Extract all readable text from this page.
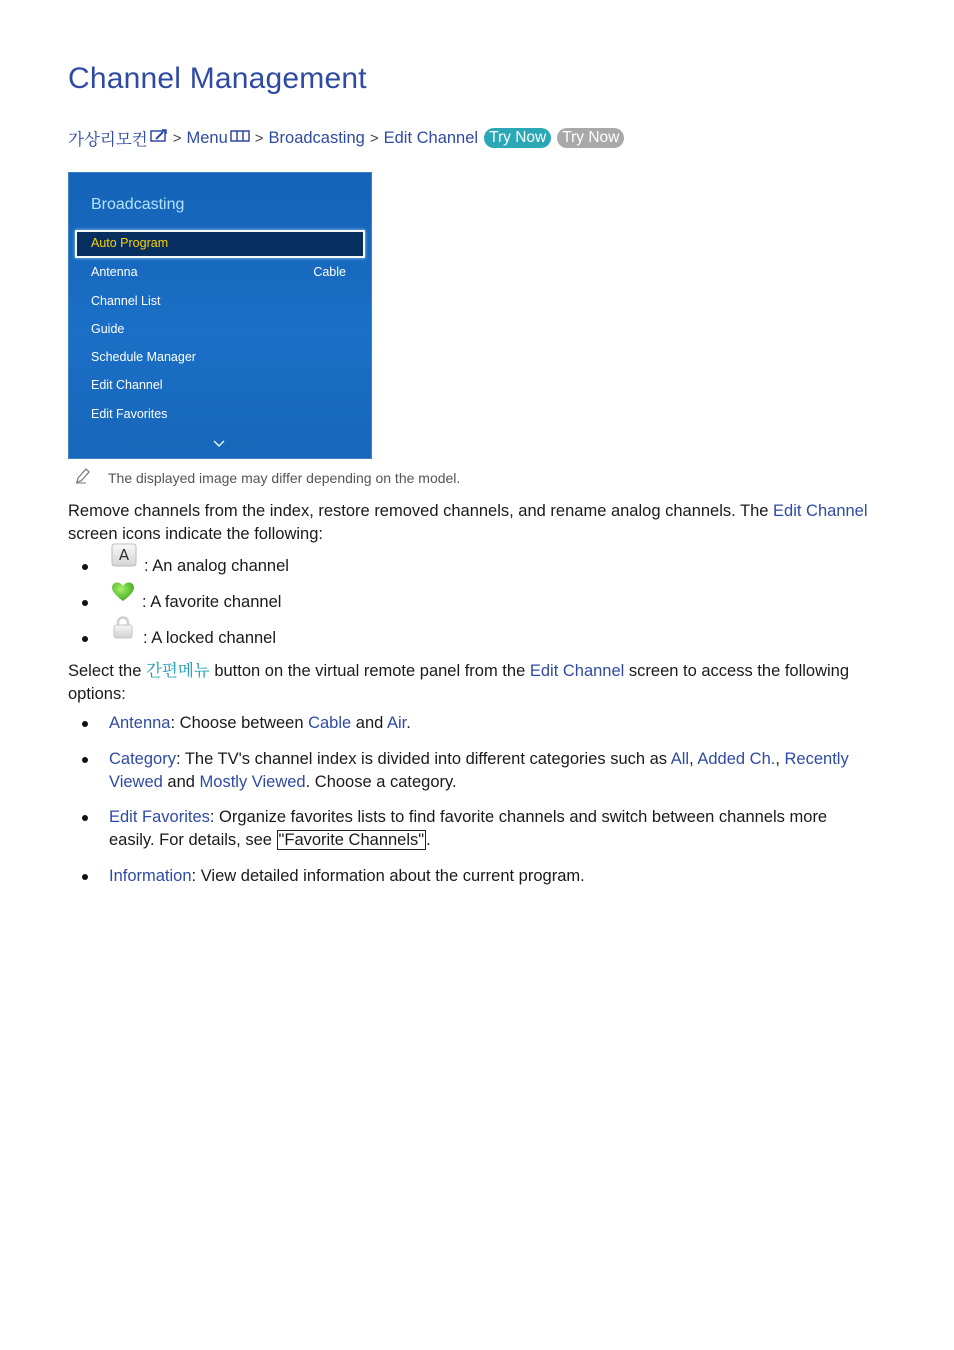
Channel Management
가상리모컨 > Menu > Broadcasting > Edit Channel Try Now	Try Now
Broadcasting
Auto Program
Antenna	Cable
Channel List
Guide
Schedule Manager
Edit Channel
Edit Favorites
The displayed image may differ depending on the model.
Remove channels from the index, restore removed channels, and rename analog channels. The Edit Channel screen icons indicate the following:
A
: An analog channel
: A favorite channel
: A locked channel
Select the 간편메뉴 button on the virtual remote panel from the Edit Channel screen to access the following options:
Antenna: Choose between Cable and Air.
Category: The TV's channel index is divided into different categories such as All, Added Ch., Recently Viewed and Mostly Viewed. Choose a category.
Edit Favorites: Organize favorites lists to find favorite channels and switch between channels more easily. For details, see "Favorite Channels" .
Information: View detailed information about the current program.
